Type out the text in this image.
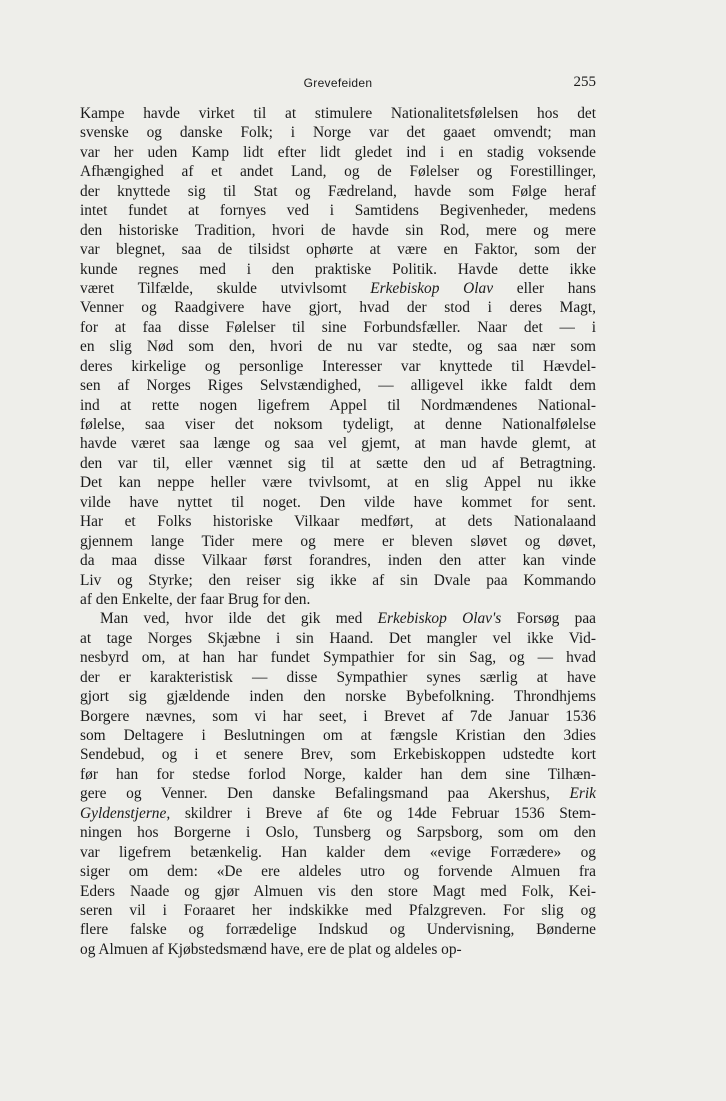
Grevefeiden	255
Kampe havde virket til at stimulere Nationalitetsfølelsen hos det
svenske og danske Folk; i Norge var det gaaet omvendt; man
var her uden Kamp lidt efter lidt gledet ind i en stadig voksende
Afhængighed af et andet Land, og de Følelser og Forestillinger,
der knyttede sig til Stat og Fædreland, havde som Følge heraf
intet fundet at fornyes ved i Samtidens Begivenheder, medens
den historiske Tradition, hvori de havde sin Rod, mere og mere
var blegnet, saa de tilsidst ophørte at være en Faktor, som der
kunde regnes med i den praktiske Politik. Havde dette ikke
været Tilfælde, skulde utvivlsomt Erkebiskop Olav eller hans
Venner og Raadgivere have gjort, hvad der stod i deres Magt,
for at faa disse Følelser til sine Forbundsfæller. Naar det — i
en slig Nød som den, hvori de nu var stedte, og saa nær som
deres kirkelige og personlige Interesser var knyttede til Hævdel-
sen af Norges Riges Selvstændighed, — alligevel ikke faldt dem
ind at rette nogen ligefrem Appel til Nordmændenes National-
følelse, saa viser det noksom tydeligt, at denne Nationalfølelse
havde været saa længe og saa vel gjemt, at man havde glemt, at
den var til, eller vænnet sig til at sætte den ud af Betragtning.
Det kan neppe heller være tvivlsomt, at en slig Appel nu ikke
vilde have nyttet til noget. Den vilde have kommet for sent.
Har et Folks historiske Vilkaar medført, at dets Nationalaand
gjennem lange Tider mere og mere er bleven sløvet og døvet,
da maa disse Vilkaar først forandres, inden den atter kan vinde
Liv og Styrke; den reiser sig ikke af sin Dvale paa Kommando
af den Enkelte, der faar Brug for den.
Man ved, hvor ilde det gik med Erkebiskop Olav's Forsøg paa
at tage Norges Skjæbne i sin Haand. Det mangler vel ikke Vid-
nesbyrd om, at han har fundet Sympathier for sin Sag, og — hvad
der er karakteristisk — disse Sympathier synes særlig at have
gjort sig gjældende inden den norske Bybefolkning. Throndhjems
Borgere nævnes, som vi har seet, i Brevet af 7de Januar 1536
som Deltagere i Beslutningen om at fængsle Kristian den 3dies
Sendebud, og i et senere Brev, som Erkebiskoppen udstedte kort
før han for stedse forlod Norge, kalder han dem sine Tilhæn-
gere og Venner. Den danske Befalingsmand paa Akershus, Erik
Gyldenstjerne, skildrer i Breve af 6te og 14de Februar 1536 Stem-
ningen hos Borgerne i Oslo, Tunsberg og Sarpsborg, som om den
var ligefrem betænkelig. Han kalder dem «evige Forrædere» og
siger om dem: «De ere aldeles utro og forvende Almuen fra
Eders Naade og gjør Almuen vis den store Magt med Folk, Kei-
seren vil i Foraaret her indskikke med Pfalzgreven. For slig og
flere falske og forrædelige Indskud og Undervisning, Bønderne
og Almuen af Kjøbstedsmænd have, ere de plat og aldeles op-
